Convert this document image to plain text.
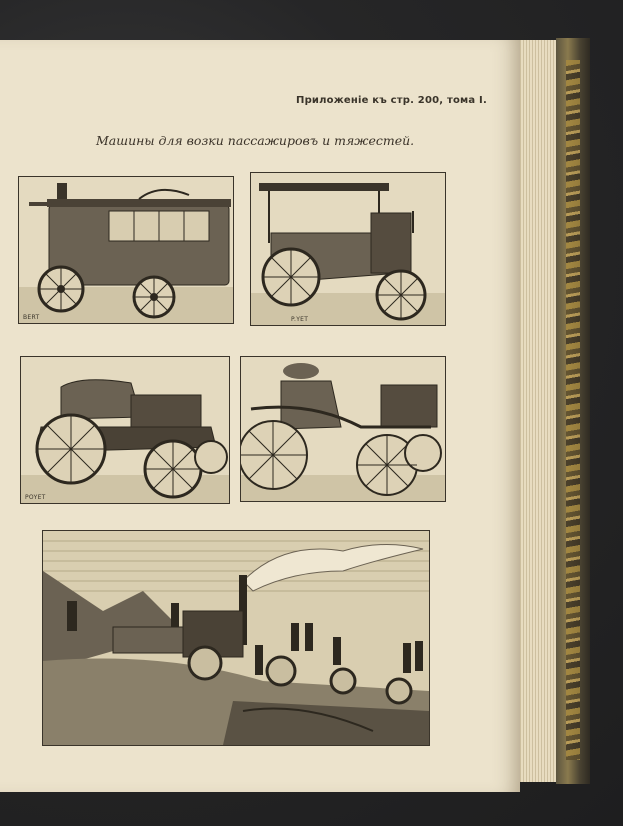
Приложеніе къ стр. 200, тома I.
Машины для возки пассажировъ и тяжестей.
BERT	P.YET
POYET
